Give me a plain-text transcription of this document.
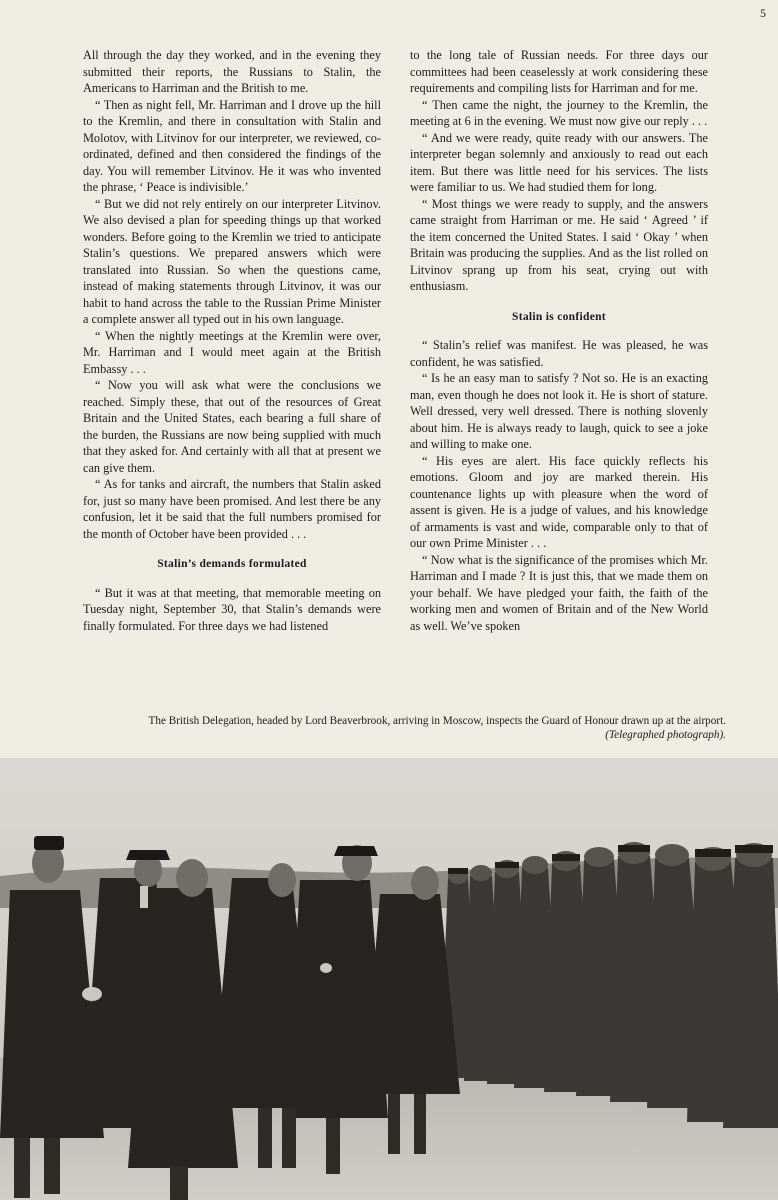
5

All through the day they worked, and in the evening they submitted their reports, the Russians to Stalin, the Americans to Harriman and the British to me.

“ Then as night fell, Mr. Harriman and I drove up the hill to the Kremlin, and there in consultation with Stalin and Molotov, with Litvinov for our interpreter, we reviewed, co-ordinated, defined and then considered the findings of the day. You will remember Litvinov. He it was who invented the phrase, ‘ Peace is indivisible.’

“ But we did not rely entirely on our interpreter Litvinov. We also devised a plan for speeding things up that worked wonders. Before going to the Kremlin we tried to anticipate Stalin’s questions. We prepared answers which were translated into Russian. So when the questions came, instead of making statements through Litvinov, it was our habit to hand across the table to the Russian Prime Minister a complete answer all typed out in his own language.

“ When the nightly meetings at the Kremlin were over, Mr. Harriman and I would meet again at the British Embassy . . .

“ Now you will ask what were the conclusions we reached. Simply these, that out of the resources of Great Britain and the United States, each bearing a full share of the burden, the Russians are now being supplied with much that they asked for. And certainly with all that at present we can give them.

“ As for tanks and aircraft, the numbers that Stalin asked for, just so many have been promised. And lest there be any confusion, let it be said that the full numbers promised for the month of October have been provided . . .

Stalin’s demands formulated

“ But it was at that meeting, that memorable meeting on Tuesday night, September 30, that Stalin’s demands were finally formulated. For three days we had listened

to the long tale of Russian needs. For three days our committees had been ceaselessly at work considering these requirements and compiling lists for Harriman and for me.

“ Then came the night, the journey to the Kremlin, the meeting at 6 in the evening. We must now give our reply . . .

“ And we were ready, quite ready with our answers. The interpreter began solemnly and anxiously to read out each item. But there was little need for his services. The lists were familiar to us. We had studied them for long.

“ Most things we were ready to supply, and the answers came straight from Harriman or me. He said ‘ Agreed ’ if the item concerned the United States. I said ‘ Okay ’ when Britain was producing the supplies. And as the list rolled on Litvinov sprang up from his seat, crying out with enthusiasm.

Stalin is confident

“ Stalin’s relief was manifest. He was pleased, he was confident, he was satisfied.

“ Is he an easy man to satisfy ? Not so. He is an exacting man, even though he does not look it. He is short of stature. Well dressed, very well dressed. There is nothing slovenly about him. He is always ready to laugh, quick to see a joke and willing to make one.

“ His eyes are alert. His face quickly reflects his emotions. Gloom and joy are marked therein. His countenance lights up with pleasure when the word of assent is given. He is a judge of values, and his knowledge of armaments is vast and wide, comparable only to that of our own Prime Minister . . .

“ Now what is the significance of the promises which Mr. Harriman and I made ? It is just this, that we made them on your behalf. We have pledged your faith, the faith of the working men and women of Britain and of the New World as well. We’ve spoken

The British Delegation, headed by Lord Beaverbrook, arriving in Moscow, inspects the Guard of Honour drawn up at the airport.
(Telegraphed photograph).
